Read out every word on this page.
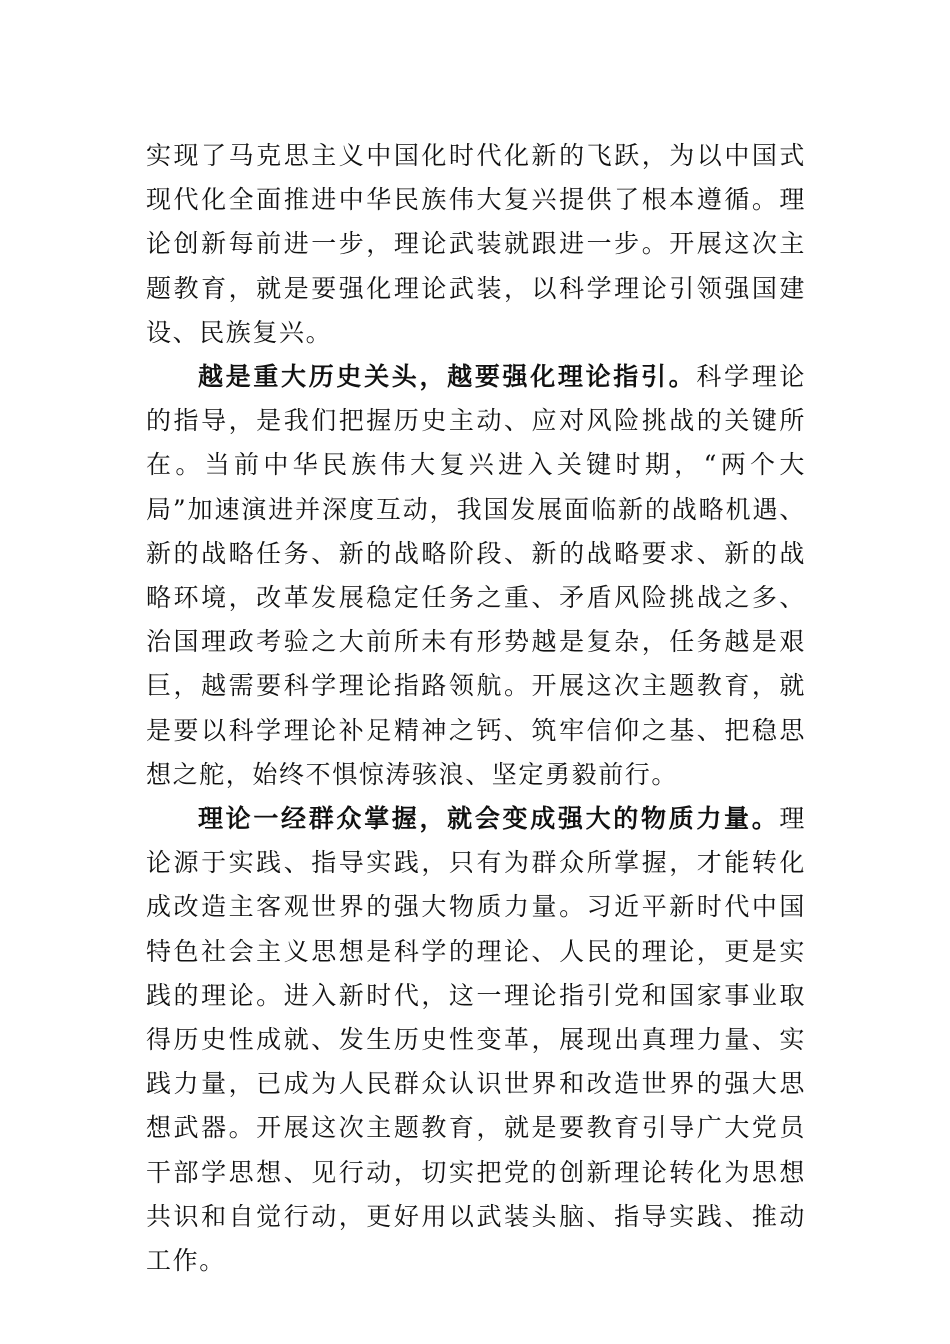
实现了马克思主义中国化时代化新的飞跃，为以中国式现代化全面推进中华民族伟大复兴提供了根本遵循。理论创新每前进一步，理论武装就跟进一步。开展这次主题教育，就是要强化理论武装，以科学理论引领强国建设、民族复兴。

越是重大历史关头，越要强化理论指引。科学理论的指导，是我们把握历史主动、应对风险挑战的关键所在。当前中华民族伟大复兴进入关键时期，“两个大局”加速演进并深度互动，我国发展面临新的战略机遇、新的战略任务、新的战略阶段、新的战略要求、新的战略环境，改革发展稳定任务之重、矛盾风险挑战之多、治国理政考验之大前所未有形势越是复杂，任务越是艰巨，越需要科学理论指路领航。开展这次主题教育，就是要以科学理论补足精神之钙、筑牢信仰之基、把稳思想之舵，始终不惧惊涛骇浪、坚定勇毅前行。

理论一经群众掌握，就会变成强大的物质力量。理论源于实践、指导实践，只有为群众所掌握，才能转化成改造主客观世界的强大物质力量。习近平新时代中国特色社会主义思想是科学的理论、人民的理论，更是实践的理论。进入新时代，这一理论指引党和国家事业取得历史性成就、发生历史性变革，展现出真理力量、实践力量，已成为人民群众认识世界和改造世界的强大思想武器。开展这次主题教育，就是要教育引导广大党员干部学思想、见行动，切实把党的创新理论转化为思想共识和自觉行动，更好用以武装头脑、指导实践、推动工作。
